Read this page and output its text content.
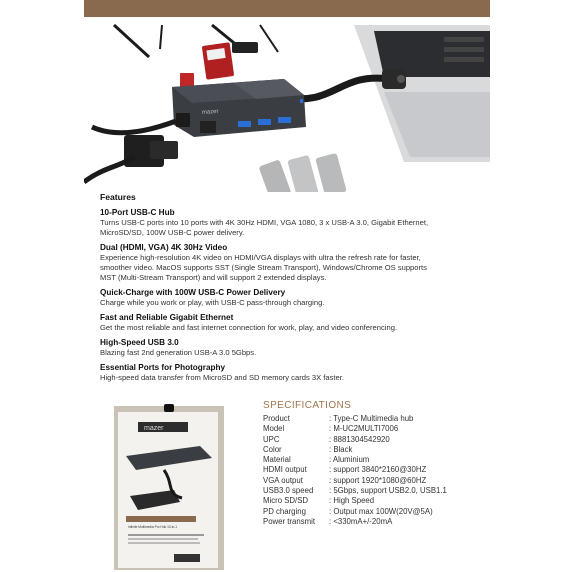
mazer
Features
10-Port USB-C Hub
Turns USB-C ports into 10 ports with 4K 30Hz HDMI, VGA 1080, 3 x USB-A 3.0, Gigabit Ethernet,
MicroSD/SD, 100W USB-C power delivery.
Dual (HDMI, VGA) 4K 30Hz Video
Experience high-resolution 4K video on HDMI/VGA displays with ultra the refresh rate for faster,
smoother video. MacOS supports SST (Single Stream Transport), Windows/Chrome OS supports
MST (Multi-Stream Transport) and will support 2 extended displays.
Quick-Charge with 100W USB-C Power Delivery
Charge while you work or play, with USB-C pass-through charging.
Fast and Reliable Gigabit Ethernet
Get the most reliable and fast internet connection for work, play, and video conferencing.
High-Speed USB 3.0
Blazing fast 2nd generation USB-A 3.0 5Gbps.
Essential Ports for Photography
High-speed data transfer from MicroSD and SD memory cards 3X faster.
mazer
Infinite Multimedia Pro Hub 10-in-1
SPECIFICATIONS
Product	: Type-C Multimedia hub
Model	: M-UC2MULTI7006
UPC	: 8881304542920
Color	: Black
Material	: Aluminium
HDMI output	: support 3840*2160@30HZ
VGA output	: support 1920*1080@60HZ
USB3.0 speed	: 5Gbps, support USB2.0, USB1.1
Micro SD/SD	: High Speed
PD charging	: Output max 100W(20V@5A)
Power transmit	: <330mA+/-20mA
